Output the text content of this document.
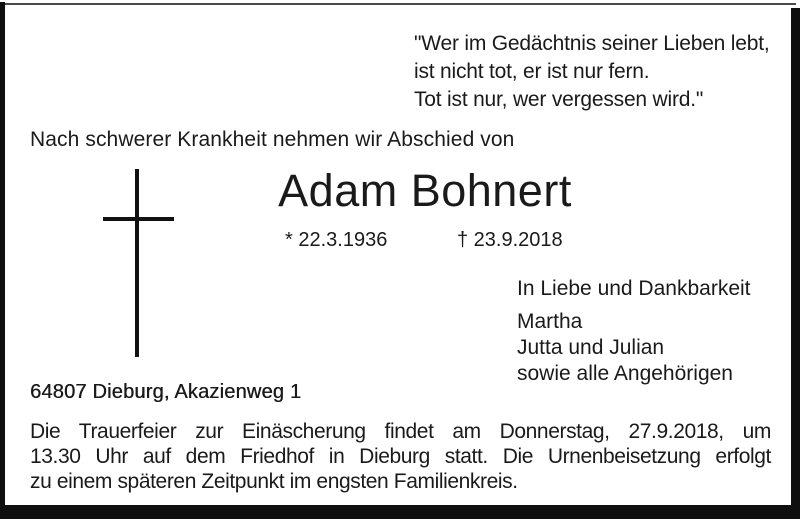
"Wer im Gedächtnis seiner Lieben lebt,
ist nicht tot, er ist nur fern.
Tot ist nur, wer vergessen wird."
Nach schwerer Krankheit nehmen wir Abschied von
Adam Bohnert
* 22.3.1936	† 23.9.2018
In Liebe und Dankbarkeit
Martha
Jutta und Julian
sowie alle Angehörigen
64807 Dieburg, Akazienweg 1
Die Trauerfeier zur Einäscherung findet am Donnerstag, 27.9.2018, um
13.30 Uhr auf dem Friedhof in Dieburg statt. Die Urnenbeisetzung erfolgt
zu einem späteren Zeitpunkt im engsten Familienkreis.
